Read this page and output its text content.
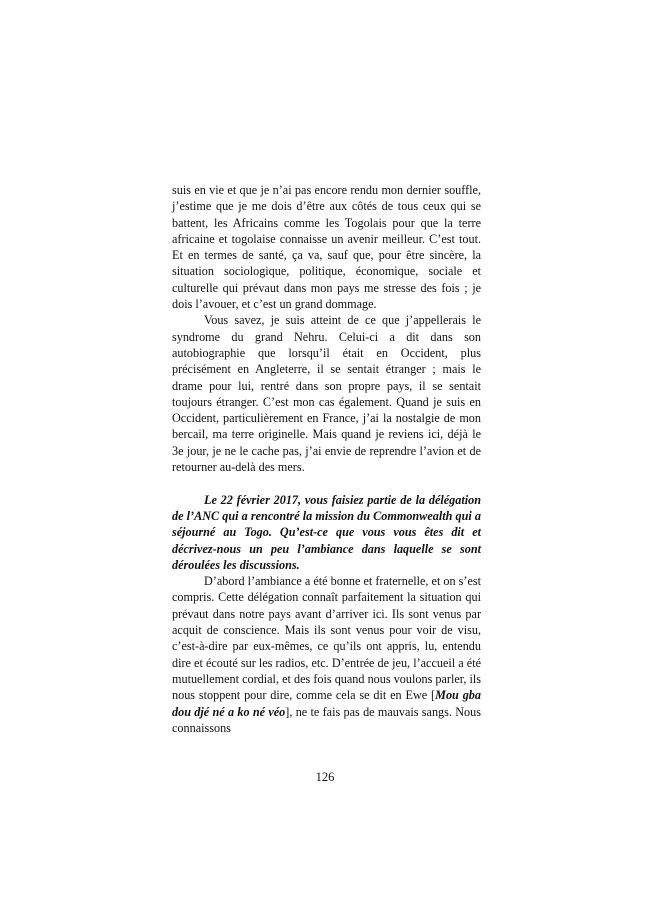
suis en vie et que je n’ai pas encore rendu mon dernier souffle, j’estime que je me dois d’être aux côtés de tous ceux qui se battent, les Africains comme les Togolais pour que la terre africaine et togolaise connaisse un avenir meilleur. C’est tout. Et en termes de santé, ça va, sauf que, pour être sincère, la situation sociologique, politique, économique, sociale et culturelle qui prévaut dans mon pays me stresse des fois ; je dois l’avouer, et c’est un grand dommage.

Vous savez, je suis atteint de ce que j’appellerais le syndrome du grand Nehru. Celui-ci a dit dans son autobiographie que lorsqu’il était en Occident, plus précisément en Angleterre, il se sentait étranger ; mais le drame pour lui, rentré dans son propre pays, il se sentait toujours étranger. C’est mon cas également. Quand je suis en Occident, particulièrement en France, j’ai la nostalgie de mon bercail, ma terre originelle. Mais quand je reviens ici, déjà le 3e jour, je ne le cache pas, j’ai envie de reprendre l’avion et de retourner au-delà des mers.

Le 22 février 2017, vous faisiez partie de la délégation de l’ANC qui a rencontré la mission du Commonwealth qui a séjourné au Togo. Qu’est-ce que vous vous êtes dit et décrivez-nous un peu l’ambiance dans laquelle se sont déroulées les discussions.

D’abord l’ambiance a été bonne et fraternelle, et on s’est compris. Cette délégation connaît parfaitement la situation qui prévaut dans notre pays avant d’arriver ici. Ils sont venus par acquit de conscience. Mais ils sont venus pour voir de visu, c’est-à-dire par eux-mêmes, ce qu’ils ont appris, lu, entendu dire et écouté sur les radios, etc. D’entrée de jeu, l’accueil a été mutuellement cordial, et des fois quand nous voulons parler, ils nous stoppent pour dire, comme cela se dit en Ewe [Mou gba dou djé né a ko né véo], ne te fais pas de mauvais sangs. Nous connaissons

126
